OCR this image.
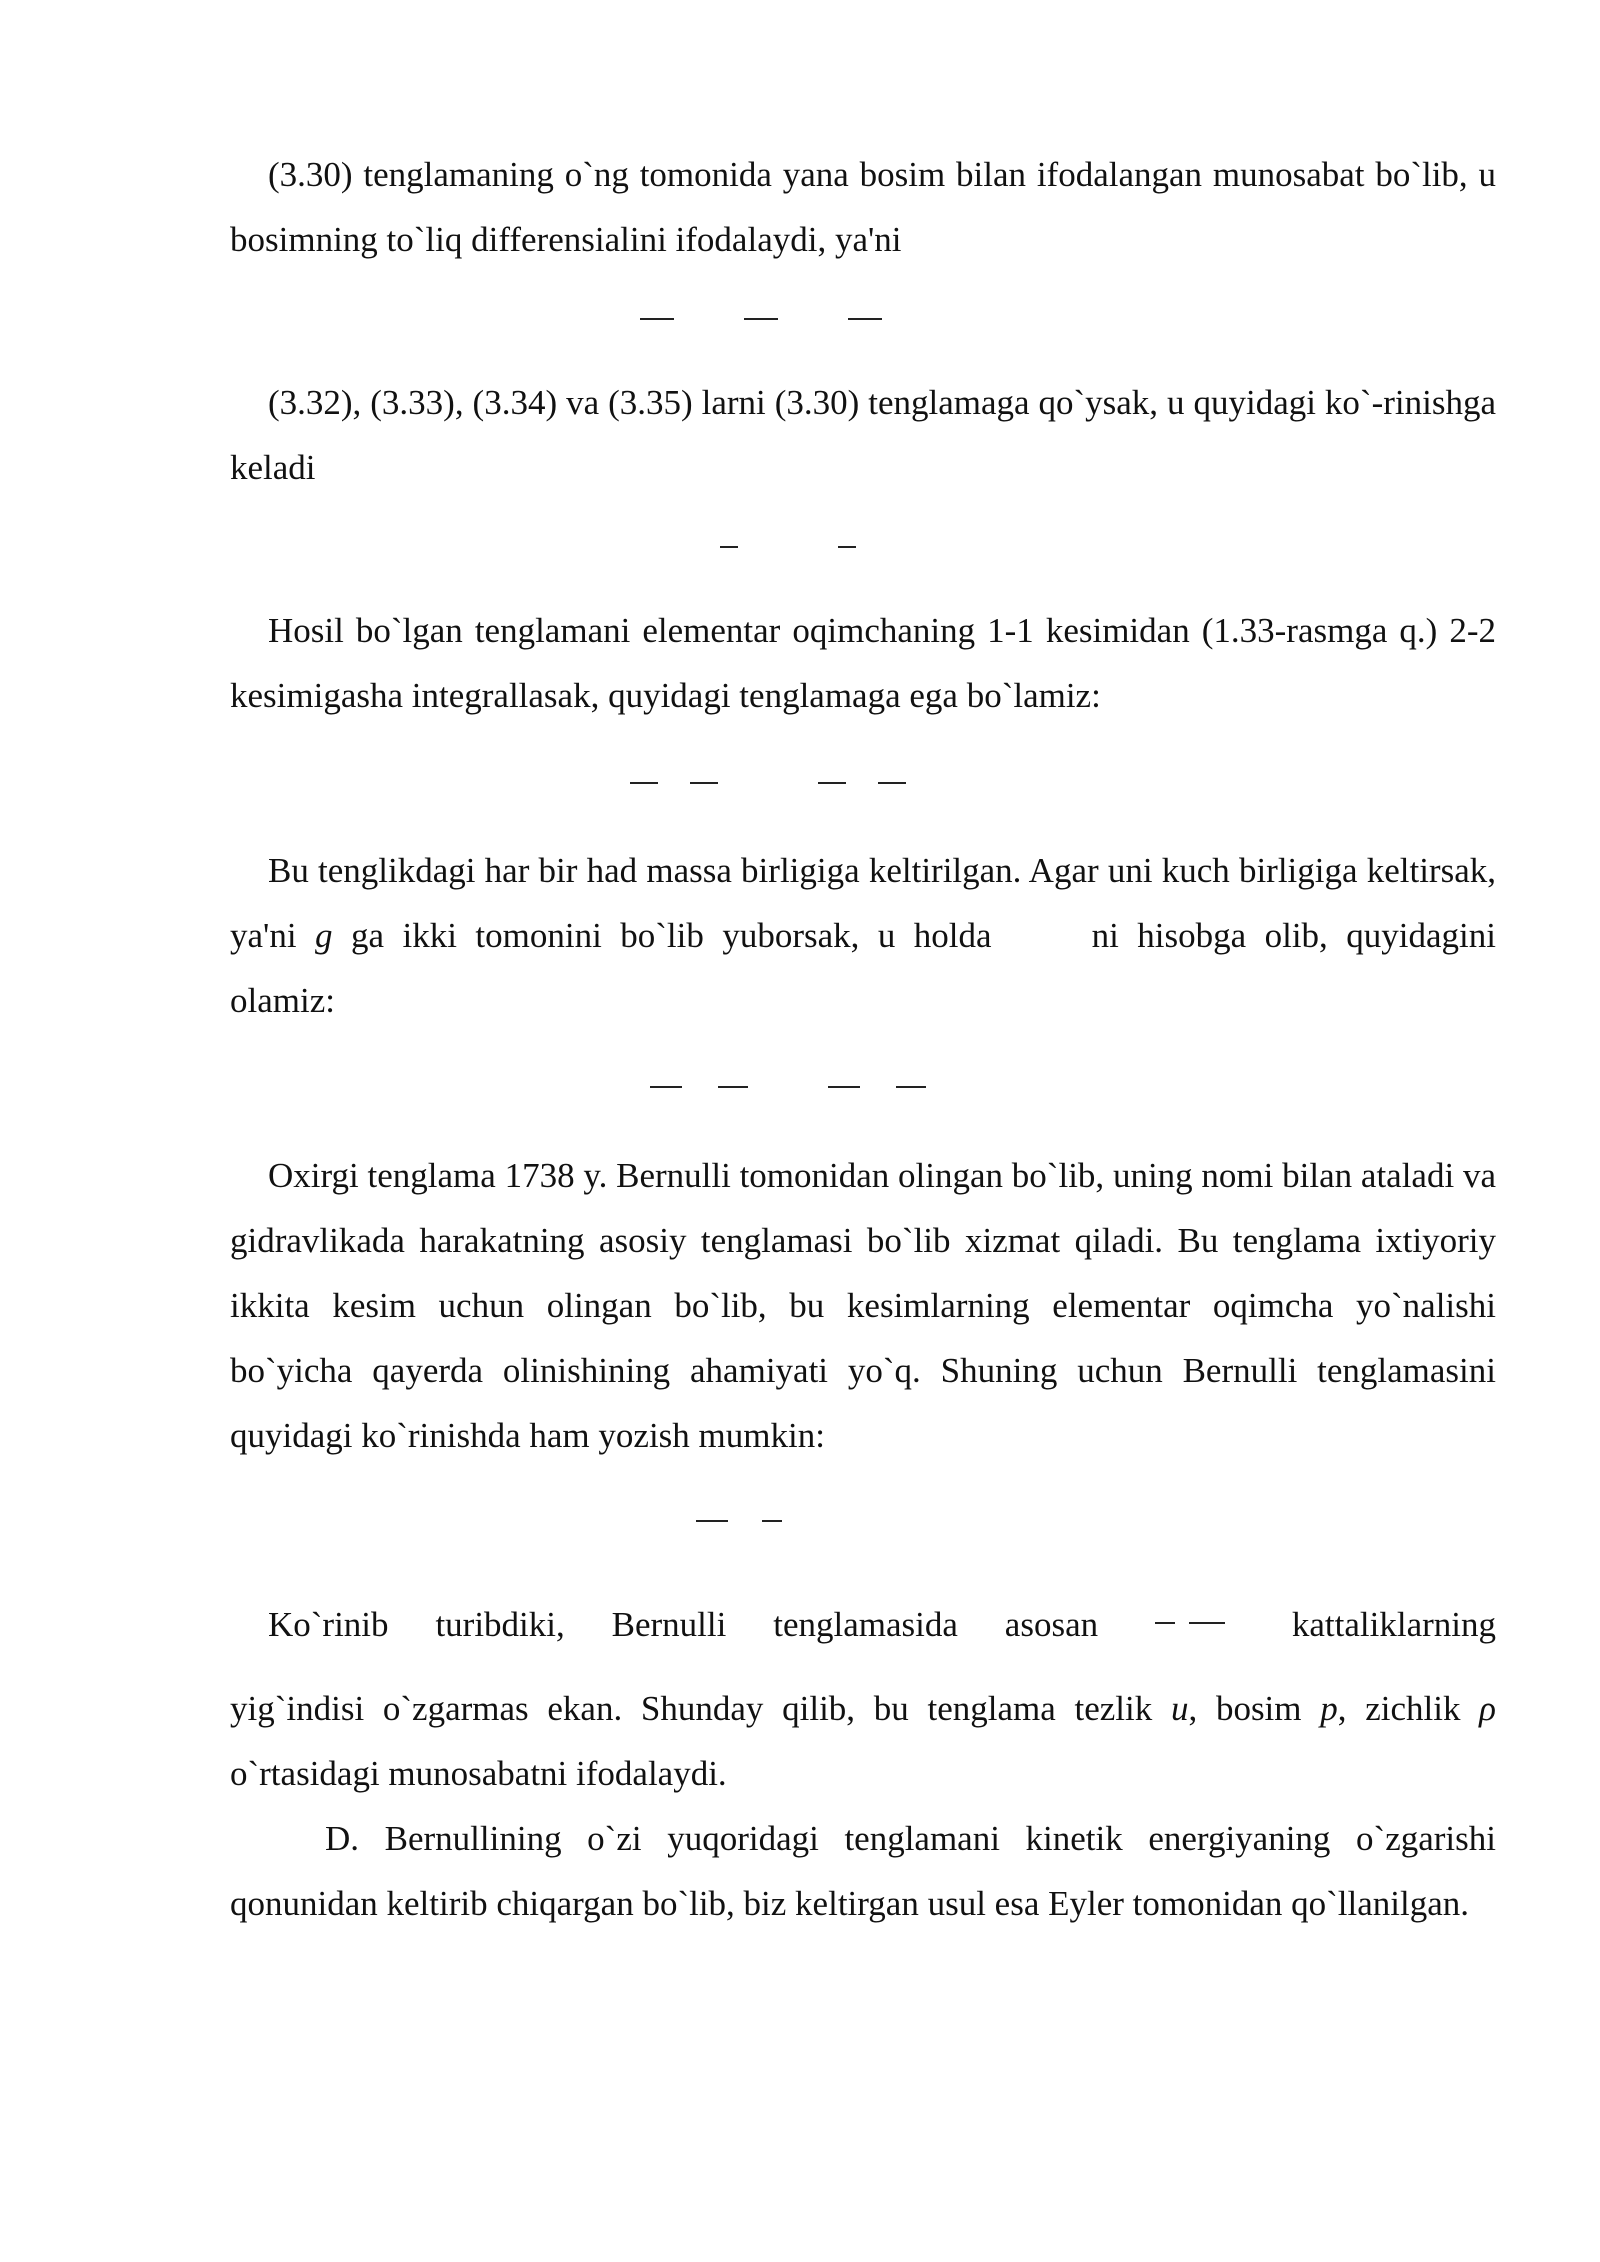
(3.30) tenglamaning o`ng tomonida yana bosim bilan ifodalangan munosabat bo`lib, u bosimning to`liq differensialini ifodalaydi, ya'ni

(3.32), (3.33), (3.34) va (3.35) larni (3.30) tenglamaga qo`ysak, u quyidagi ko`-rinishga keladi

Hosil bo`lgan tenglamani elementar oqimchaning 1-1 kesimidan (1.33-rasmga q.) 2-2 kesimigasha integrallasak, quyidagi tenglamaga ega bo`lamiz:

Bu tenglikdagi har bir had massa birligiga keltirilgan. Agar uni kuch birligiga keltirsak, ya'ni g ga ikki tomonini bo`lib yuborsak, u holda	ni hisobga olib, quyidagini olamiz:

Oxirgi tenglama 1738 y. Bernulli tomonidan olingan bo`lib, uning nomi bilan ataladi va gidravlikada harakatning asosiy tenglamasi bo`lib xizmat qiladi. Bu tenglama ixtiyoriy ikkita kesim uchun olingan bo`lib, bu kesimlarning elementar oqimcha yo`nalishi bo`yicha qayerda olinishining ahamiyati yo`q. Shuning uchun Bernulli tenglamasini quyidagi ko`rinishda ham yozish mumkin:

Ko`rinib turibdiki, Bernulli tenglamasida asosan	kattaliklarning

yig`indisi o`zgarmas ekan. Shunday qilib, bu tenglama tezlik u, bosim p, zichlik ρ o`rtasidagi munosabatni ifodalaydi.

D. Bernullining o`zi yuqoridagi tenglamani kinetik energiyaning o`zgarishi qonunidan keltirib chiqargan bo`lib, biz keltirgan usul esa Eyler tomonidan qo`llanilgan.
